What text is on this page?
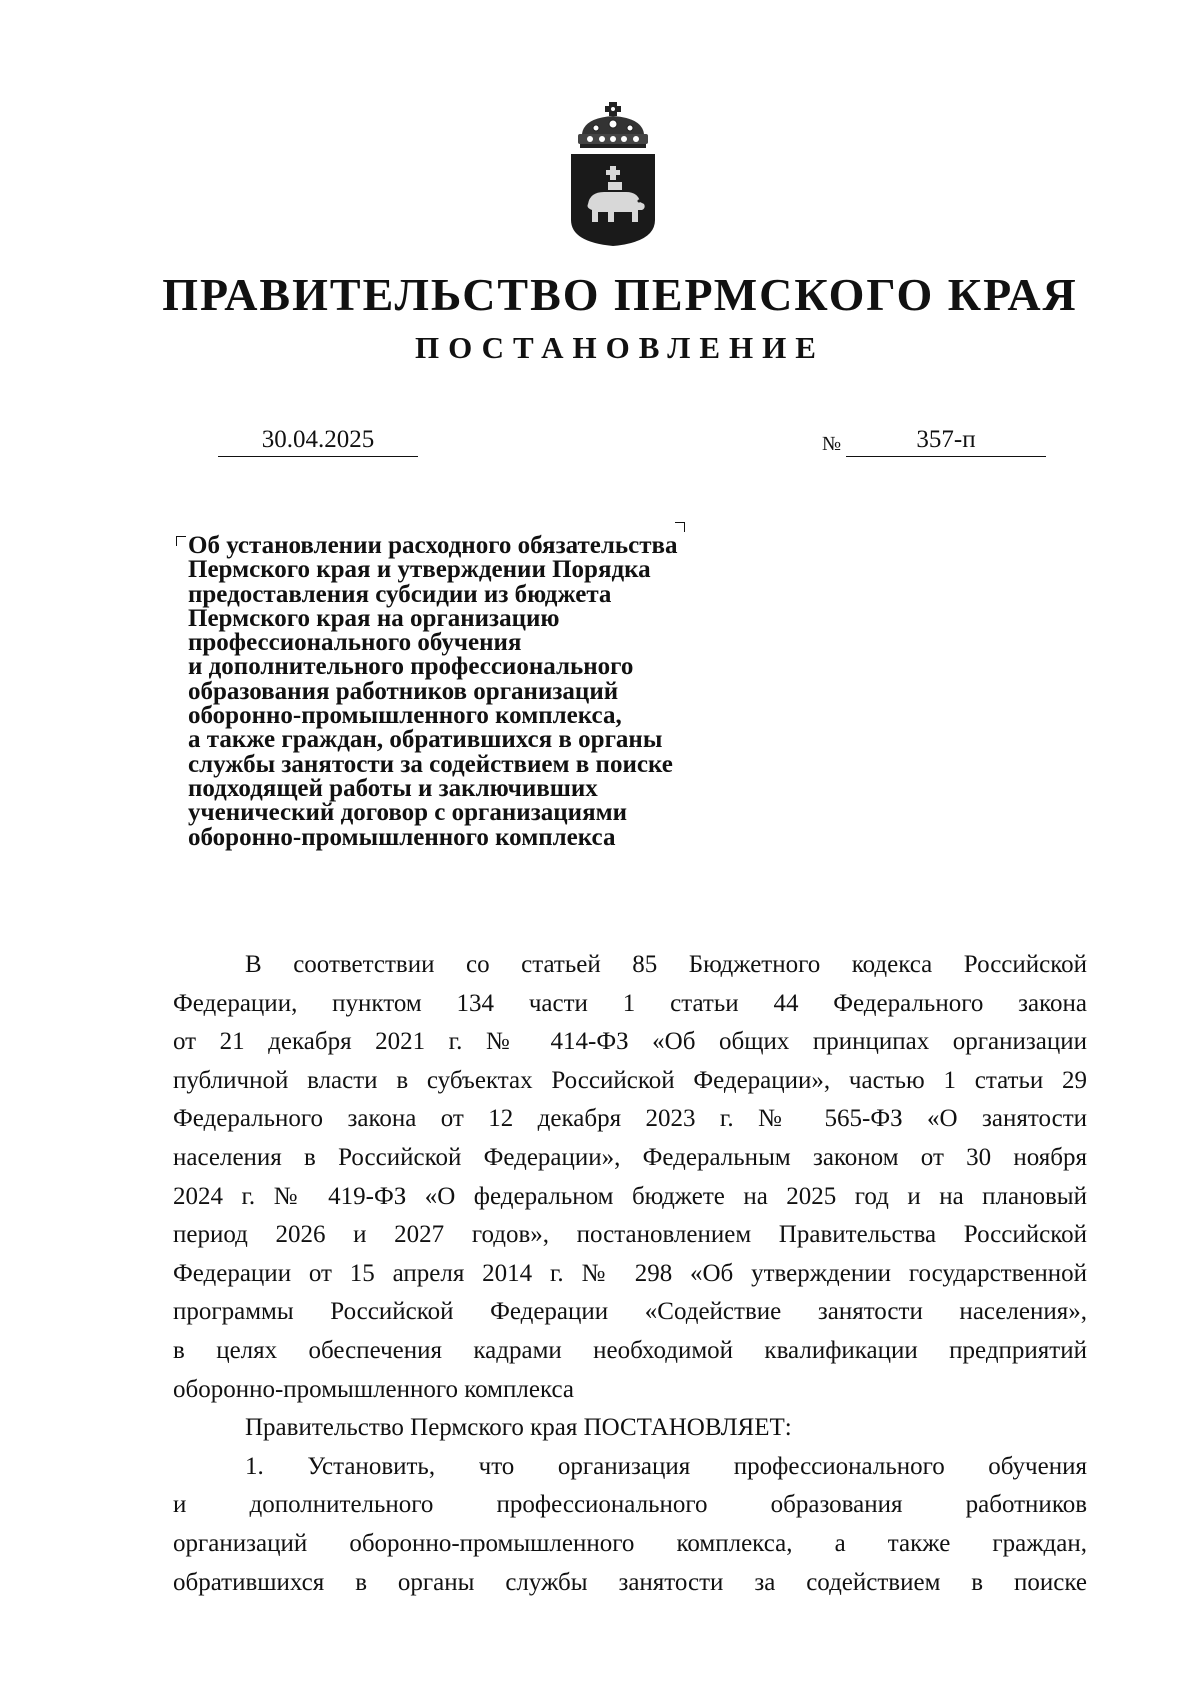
ПРАВИТЕЛЬСТВО ПЕРМСКОГО КРАЯ
ПОСТАНОВЛЕНИЕ
30.04.2025	№	357-п
Об установлении расходного обязательства
Пермского края и утверждении Порядка
предоставления субсидии из бюджета
Пермского края на организацию
профессионального обучения
и дополнительного профессионального
образования работников организаций
оборонно-промышленного комплекса,
а также граждан, обратившихся в органы
службы занятости за содействием в поиске
подходящей работы и заключивших
ученический договор с организациями
оборонно-промышленного комплекса
В соответствии со статьей 85 Бюджетного кодекса Российской
Федерации, пунктом 134 части 1 статьи 44 Федерального закона
от 21 декабря 2021 г. № 414-ФЗ «Об общих принципах организации
публичной власти в субъектах Российской Федерации», частью 1 статьи 29
Федерального закона от 12 декабря 2023 г. № 565-ФЗ «О занятости
населения в Российской Федерации», Федеральным законом от 30 ноября
2024 г. № 419-ФЗ «О федеральном бюджете на 2025 год и на плановый
период 2026 и 2027 годов», постановлением Правительства Российской
Федерации от 15 апреля 2014 г. № 298 «Об утверждении государственной
программы Российской Федерации «Содействие занятости населения»,
в целях обеспечения кадрами необходимой квалификации предприятий
оборонно-промышленного комплекса
Правительство Пермского края ПОСТАНОВЛЯЕТ:
1. Установить, что организация профессионального обучения
и дополнительного профессионального образования работников
организаций оборонно-промышленного комплекса, а также граждан,
обратившихся в органы службы занятости за содействием в поиске
